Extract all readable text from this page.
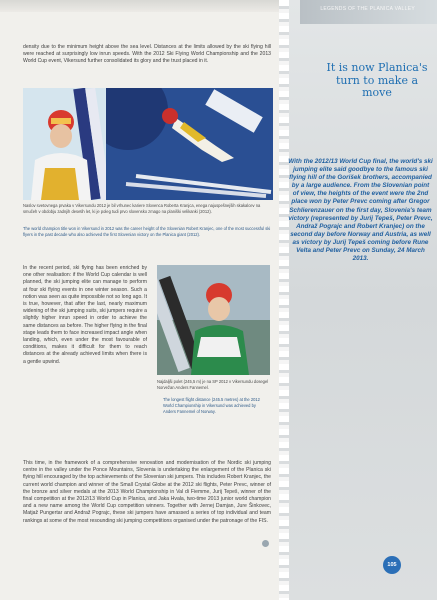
LEGENDS OF THE PLANICA VALLEY
density due to the minimum height above the sea level. Distances at the limits allowed by the ski flying hill were reached at surprisingly low inrun speeds. With the 2012 Ski Flying World Championship and the 2013 World Cup event, Vikersund further consolidated its glory and the trust placed in it.
Naslov svetovnega prvaka v Vikersundu 2012 je bil vrhunec kariere Slovenca Roberta Kranjca, enega najuspešnejših skakalcev na smučeh v obdobju zadnjih desetih let, ki je poleg tudi prvo slovensko zmago na planiški velikanki (2012).
The world champion title won in Vikersund in 2012 was the career height of the Slovenian Robert Kranjec, one of the most successful ski flyers in the past decade who also achieved the first Slovenian victory on the Planica giant (2012).
In the recent period, ski flying has been enriched by one other realisation: if the World Cup calendar is well planned, the ski jumping elite can manage to perform at four ski flying events in one winter season. Such a notion was seen as quite impossible not so long ago. It is true, however, that after the last, nearly maximum widening of the ski jumping suits, ski jumpers require a slightly higher inrun speed in order to achieve the same distances as before. The higher flying in the final stage leads them to face increased impact angle when landing, which, even under the most favourable of conditions, makes it difficult for them to reach distances at the already achieved limits when there is a gentle upwind.
Najdaljši polet (245,5 m) je na SP 2012 v Vikersundu dosegel Norvežan Anders Fannemel.
The longest flight distance (245.5 metres) at the 2012 World Championship in Vikersund was achieved by Anders Fannemel of Norway.
This time, in the framework of a comprehensive renovation and modernisation of the Nordic ski jumping centre in the valley under the Ponce Mountains, Slovenia is undertaking the enlargement of the Planica ski flying hill encouraged by the top achievements of the Slovenian ski jumpers. This includes Robert Kranjec, the current world champion and winner of the Small Crystal Globe at the 2012 ski flights, Peter Prevc, winner of the bronze and silver medals at the 2013 World Championship in Val di Fiemme, Jurij Tepeš, winner of the final competition at the 2012/13 World Cup in Planica, and Jaka Hvala, two-time 2013 junior world champion and a new name among the World Cup competition winners. Together with Jernej Damjan, Jure Šinkovec, Matjaž Pungertar and Andraž Pograjc, these ski jumpers have amassed a series of top individual and team rankings at some of the most resounding ski jumping competitions organised under the patronage of the FIS.
It is now Planica's turn to make a move
With the 2012/13 World Cup final, the world's ski jumping elite said goodbye to the famous ski flying hill of the Gorišek brothers, accompanied by a large audience. From the Slovenian point of view, the heights of the event were the 2nd place won by Peter Prevc coming after Gregor Schlierenzauer on the first day, Slovenia's team victory (represented by Jurij Tepeš, Peter Prevc, Andraž Pograjc and Robert Kranjec) on the second day before Norway and Austria, as well as victory by Jurij Tepeš coming before Rune Velta and Peter Prevc on Sunday, 24 March 2013.
105
